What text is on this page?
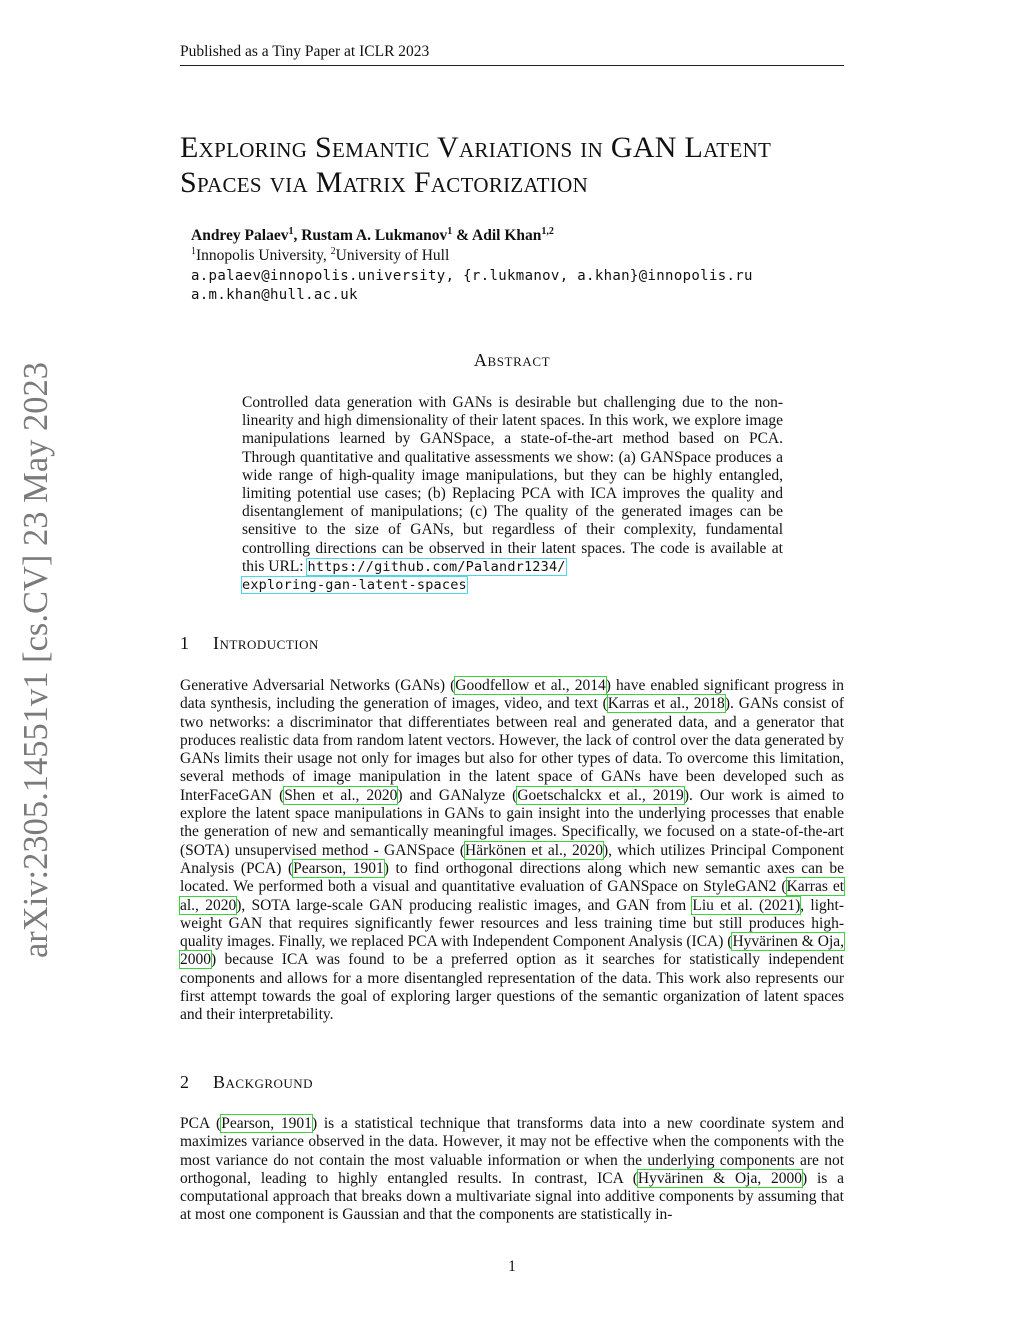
Published as a Tiny Paper at ICLR 2023
arXiv:2305.14551v1 [cs.CV] 23 May 2023
Exploring Semantic Variations in GAN Latent
Spaces via Matrix Factorization
Andrey Palaev$^1$, Rustam A. Lukmanov$^1$ & Adil Khan$^{1,2}$
$^1$Innopolis University, $^2$University of Hull
a.palaev@innopolis.university, {r.lukmanov, a.khan}@innopolis.ru
a.m.khan@hull.ac.uk
Abstract
Controlled data generation with GANs is desirable but challenging due to the non-linearity and high dimensionality of their latent spaces. In this work, we explore image manipulations learned by GANSpace, a state-of-the-art method based on PCA. Through quantitative and qualitative assessments we show: (a) GANSpace produces a wide range of high-quality image manipulations, but they can be highly entangled, limiting potential use cases; (b) Replacing PCA with ICA improves the quality and disentanglement of manipulations; (c) The quality of the generated images can be sensitive to the size of GANs, but regardless of their complexity, fundamental controlling directions can be observed in their latent spaces. The code is available at this URL: https://github.com/Palandr1234/
exploring-gan-latent-spaces
1 Introduction
Generative Adversarial Networks (GANs) (Goodfellow et al., 2014) have enabled significant progress in data synthesis, including the generation of images, video, and text (Karras et al., 2018). GANs consist of two networks: a discriminator that differentiates between real and generated data, and a generator that produces realistic data from random latent vectors. However, the lack of control over the data generated by GANs limits their usage not only for images but also for other types of data. To overcome this limitation, several methods of image manipulation in the latent space of GANs have been developed such as InterFaceGAN (Shen et al., 2020) and GANalyze (Goetschalckx et al., 2019). Our work is aimed to explore the latent space manipulations in GANs to gain insight into the underlying processes that enable the generation of new and semantically meaningful images. Specifically, we focused on a state-of-the-art (SOTA) unsupervised method - GANSpace (Härkönen et al., 2020), which utilizes Principal Component Analysis (PCA) (Pearson, 1901) to find orthogonal directions along which new semantic axes can be located. We performed both a visual and quantitative evaluation of GANSpace on StyleGAN2 (Karras et al., 2020), SOTA large-scale GAN producing realistic images, and GAN from Liu et al. (2021), light-weight GAN that requires significantly fewer resources and less training time but still produces high-quality images. Finally, we replaced PCA with Independent Component Analysis (ICA) (Hyvärinen & Oja, 2000) because ICA was found to be a preferred option as it searches for statistically independent components and allows for a more disentangled representation of the data. This work also represents our first attempt towards the goal of exploring larger questions of the semantic organization of latent spaces and their interpretability.
2 Background
PCA (Pearson, 1901) is a statistical technique that transforms data into a new coordinate system and maximizes variance observed in the data. However, it may not be effective when the components with the most variance do not contain the most valuable information or when the underlying components are not orthogonal, leading to highly entangled results. In contrast, ICA (Hyvärinen & Oja, 2000) is a computational approach that breaks down a multivariate signal into additive components by assuming that at most one component is Gaussian and that the components are statistically in-
1
